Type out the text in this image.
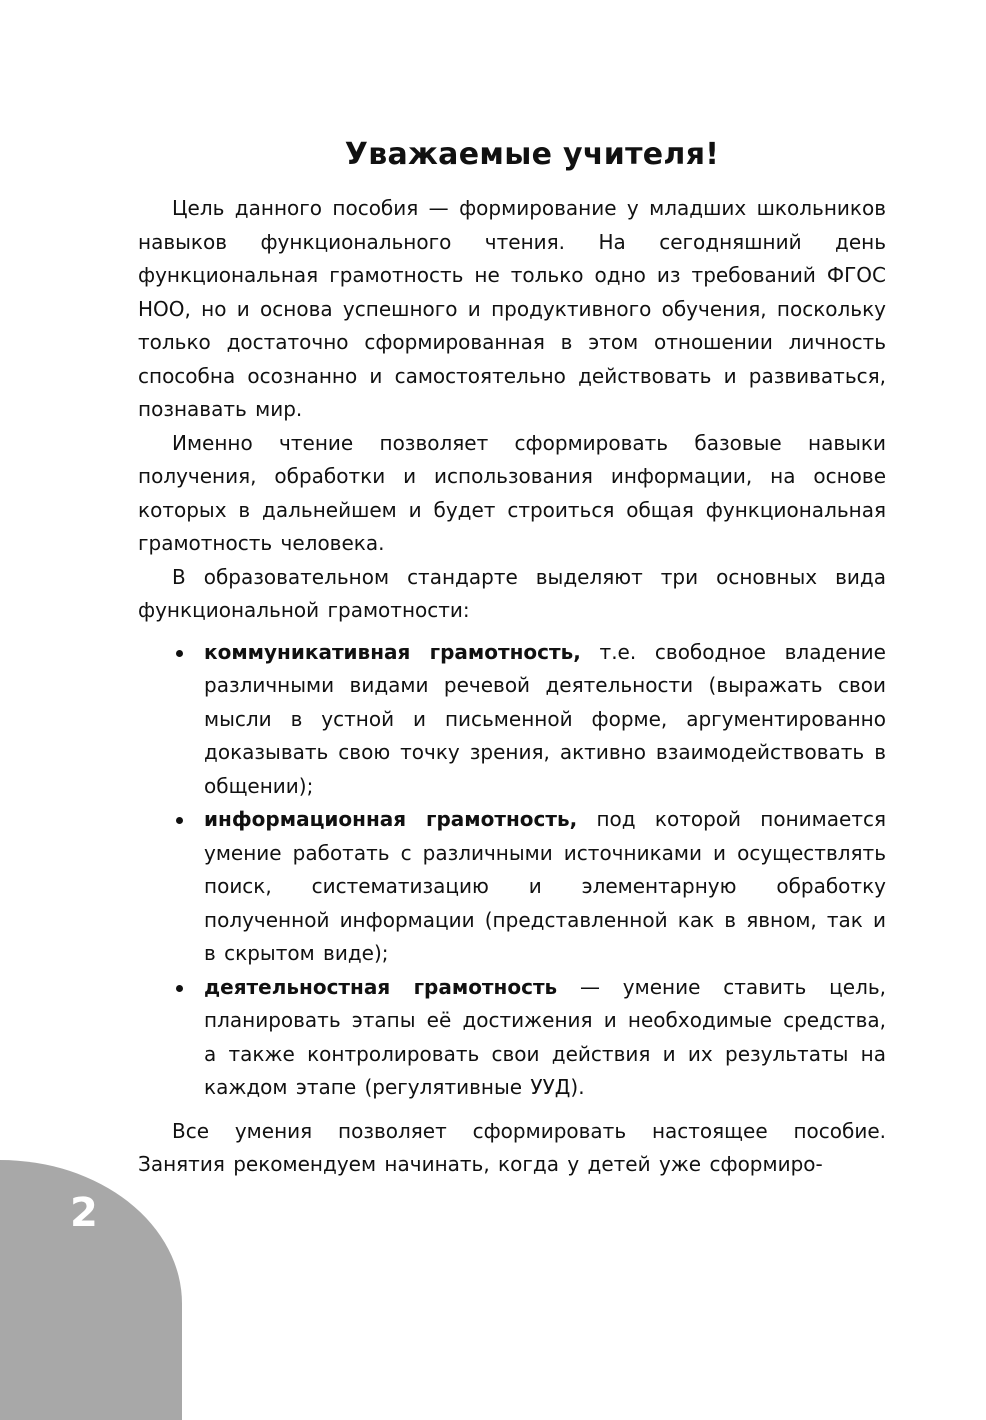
Уважаемые учителя!

Цель данного пособия — формирование у младших школьников навыков функционального чтения. На сегодняшний день функциональная грамотность не только одно из требований ФГОС НОО, но и основа успешного и продуктивного обучения, поскольку только достаточно сформированная в этом отношении личность способна осознанно и самостоятельно действовать и развиваться, познавать мир.

Именно чтение позволяет сформировать базовые навыки получения, обработки и использования информации, на основе которых в дальнейшем и будет строиться общая функциональная грамотность человека.

В образовательном стандарте выделяют три основных вида функциональной грамотности:

коммуникативная грамотность, т.е. свободное владение различными видами речевой деятельности (выражать свои мысли в устной и письменной форме, аргументированно доказывать свою точку зрения, активно взаимодействовать в общении);
информационная грамотность, под которой понимается умение работать с различными источниками и осуществлять поиск, систематизацию и элементарную обработку полученной информации (представленной как в явном, так и в скрытом виде);
деятельностная грамотность — умение ставить цель, планировать этапы её достижения и необходимые средства, а также контролировать свои действия и их результаты на каждом этапе (регулятивные УУД).

Все умения позволяет сформировать настоящее пособие. Занятия рекомендуем начинать, когда у детей уже сформиро-

2
